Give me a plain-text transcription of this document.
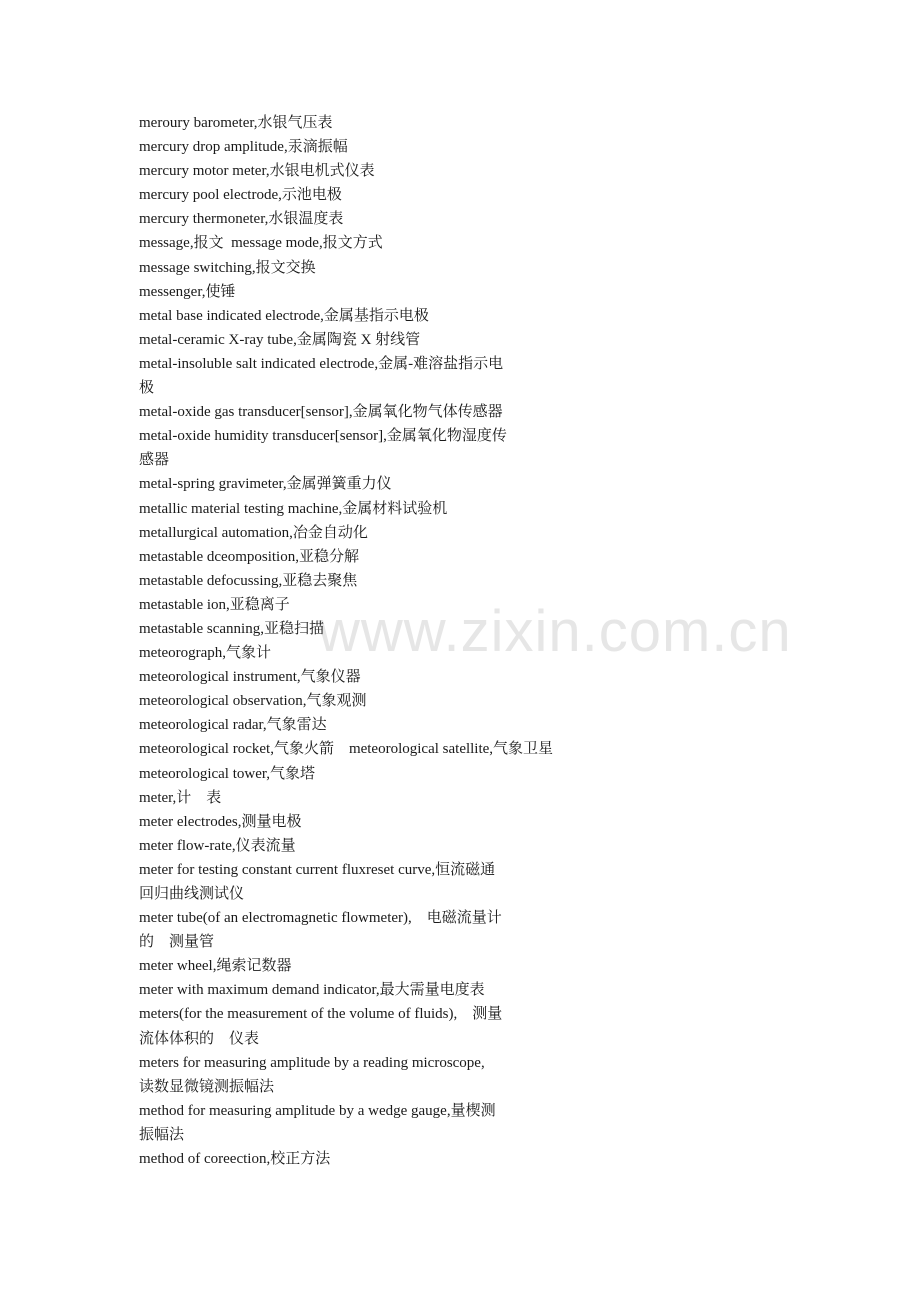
www.zixin.com.cn
meroury barometer,水银气压表
mercury drop amplitude,汞滴振幅
mercury motor meter,水银电机式仪表
mercury pool electrode,示池电极
mercury thermoneter,水银温度表
message,报文  message mode,报文方式
message switching,报文交换
messenger,使锤
metal base indicated electrode,金属基指示电极
metal-ceramic X-ray tube,金属陶瓷 X 射线管
metal-insoluble salt indicated electrode,金属-难溶盐指示电
极
metal-oxide gas transducer[sensor],金属氧化物气体传感器
metal-oxide humidity transducer[sensor],金属氧化物湿度传
感器
metal-spring gravimeter,金属弹簧重力仪
metallic material testing machine,金属材料试验机
metallurgical automation,冶金自动化
metastable dceomposition,亚稳分解
metastable defocussing,亚稳去聚焦
metastable ion,亚稳离子
metastable scanning,亚稳扫描
meteorograph,气象计
meteorological instrument,气象仪器
meteorological observation,气象观测
meteorological radar,气象雷达
meteorological rocket,气象火箭    meteorological satellite,气象卫星
meteorological tower,气象塔
meter,计    表
meter electrodes,测量电极
meter flow-rate,仪表流量
meter for testing constant current fluxreset curve,恒流磁通
回归曲线测试仪
meter tube(of an electromagnetic flowmeter),    电磁流量计
的    测量管
meter wheel,绳索记数器
meter with maximum demand indicator,最大需量电度表
meters(for the measurement of the volume of fluids),    测量
流体体积的    仪表
meters for measuring amplitude by a reading microscope,
读数显微镜测振幅法
method for measuring amplitude by a wedge gauge,量楔测
振幅法
method of coreection,校正方法
